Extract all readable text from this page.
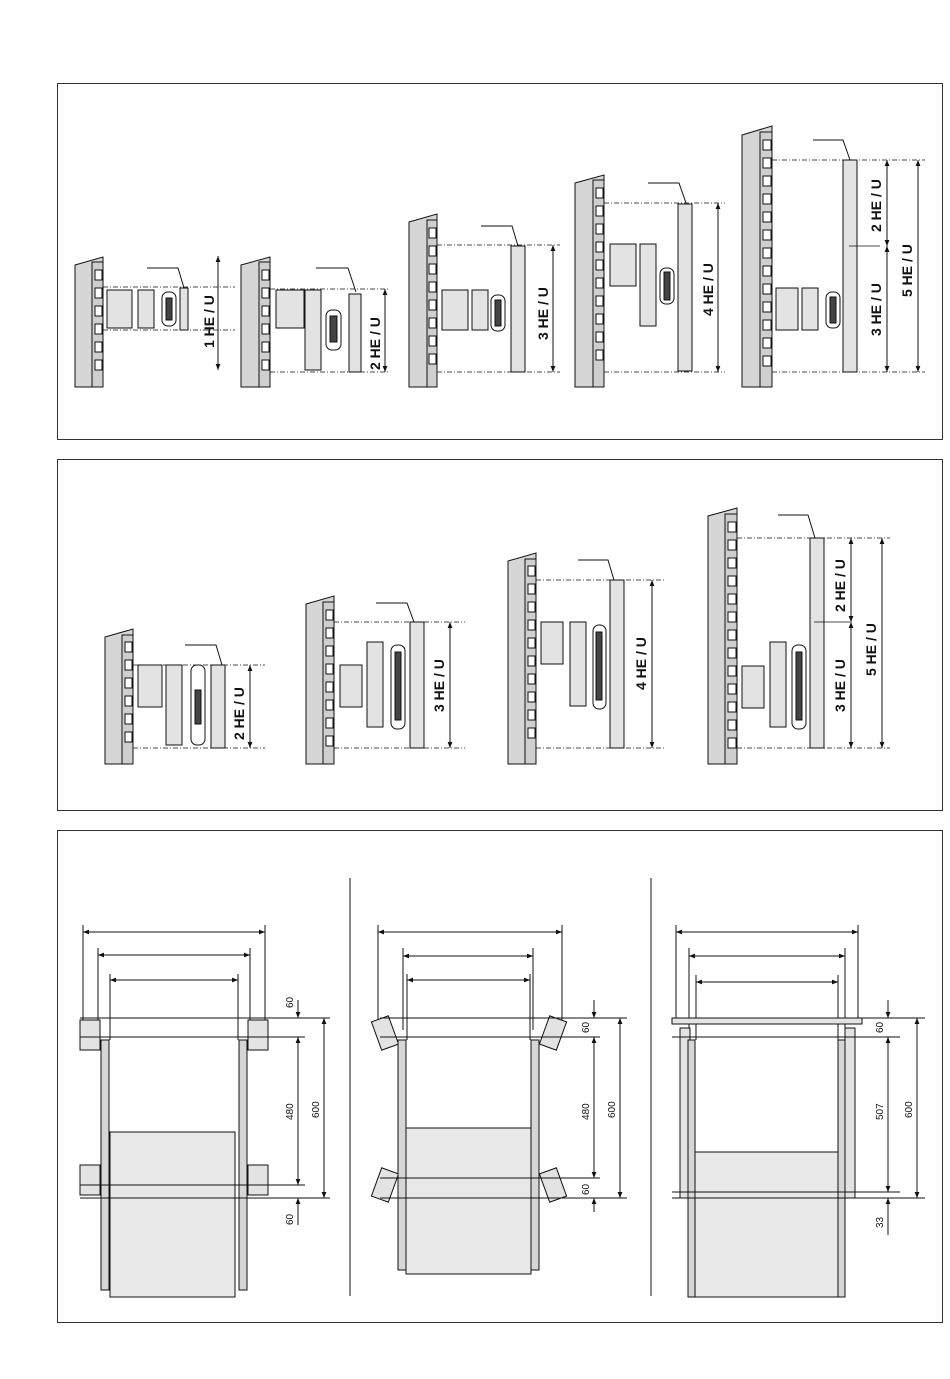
1 HE / U	2 HE / U
3 HE / U	4 HE / U
2 HE / U
3 HE / U
5 HE / U
2 HE / U
3 HE / U	4 HE / U
2 HE / U
3 HE / U
5 HE / U
60
480 600
60
60
480 600
60
60
507 600
33
